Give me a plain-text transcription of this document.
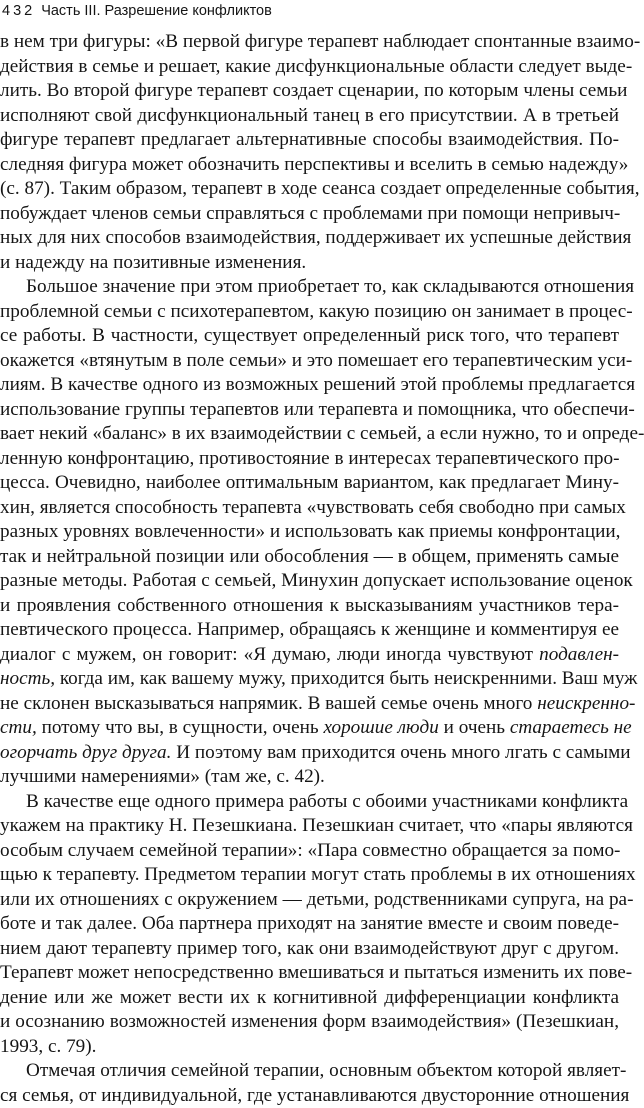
432 Часть III. Разрешение конфликтов
в нем три фигуры: «В первой фигуре терапевт наблюдает спонтанные взаимо-
действия в семье и решает, какие дисфункциональные области следует выде-
лить. Во второй фигуре терапевт создает сценарии, по которым члены семьи
исполняют свой дисфункциональный танец в его присутствии. А в третьей
фигуре терапевт предлагает альтернативные способы взаимодействия. По-
следняя фигура может обозначить перспективы и вселить в семью надежду»
(с. 87). Таким образом, терапевт в ходе сеанса создает определенные события,
побуждает членов семьи справляться с проблемами при помощи непривыч-
ных для них способов взаимодействия, поддерживает их успешные действия
и надежду на позитивные изменения.
Большое значение при этом приобретает то, как складываются отношения
проблемной семьи с психотерапевтом, какую позицию он занимает в процес-
се работы. В частности, существует определенный риск того, что терапевт
окажется «втянутым в поле семьи» и это помешает его терапевтическим уси-
лиям. В качестве одного из возможных решений этой проблемы предлагается
использование группы терапевтов или терапевта и помощника, что обеспечи-
вает некий «баланс» в их взаимодействии с семьей, а если нужно, то и опреде-
ленную конфронтацию, противостояние в интересах терапевтического про-
цесса. Очевидно, наиболее оптимальным вариантом, как предлагает Мину-
хин, является способность терапевта «чувствовать себя свободно при самых
разных уровнях вовлеченности» и использовать как приемы конфронтации,
так и нейтральной позиции или обособления — в общем, применять самые
разные методы. Работая с семьей, Минухин допускает использование оценок
и проявления собственного отношения к высказываниям участников тера-
певтического процесса. Например, обращаясь к женщине и комментируя ее
диалог с мужем, он говорит: «Я думаю, люди иногда чувствуют подавлен-
ность, когда им, как вашему мужу, приходится быть неискренними. Ваш муж
не склонен высказываться напрямик. В вашей семье очень много неискренно-
сти, потому что вы, в сущности, очень хорошие люди и очень стараетесь не
огорчать друг друга. И поэтому вам приходится очень много лгать с самыми
лучшими намерениями» (там же, с. 42).
В качестве еще одного примера работы с обоими участниками конфликта
укажем на практику Н. Пезешкиана. Пезешкиан считает, что «пары являются
особым случаем семейной терапии»: «Пара совместно обращается за помо-
щью к терапевту. Предметом терапии могут стать проблемы в их отношениях
или их отношениях с окружением — детьми, родственниками супруга, на ра-
боте и так далее. Оба партнера приходят на занятие вместе и своим поведе-
нием дают терапевту пример того, как они взаимодействуют друг с другом.
Терапевт может непосредственно вмешиваться и пытаться изменить их пове-
дение или же может вести их к когнитивной дифференциации конфликта
и осознанию возможностей изменения форм взаимодействия» (Пезешкиан,
1993, с. 79).
Отмечая отличия семейной терапии, основным объектом которой являет-
ся семья, от индивидуальной, где устанавливаются двусторонние отношения
